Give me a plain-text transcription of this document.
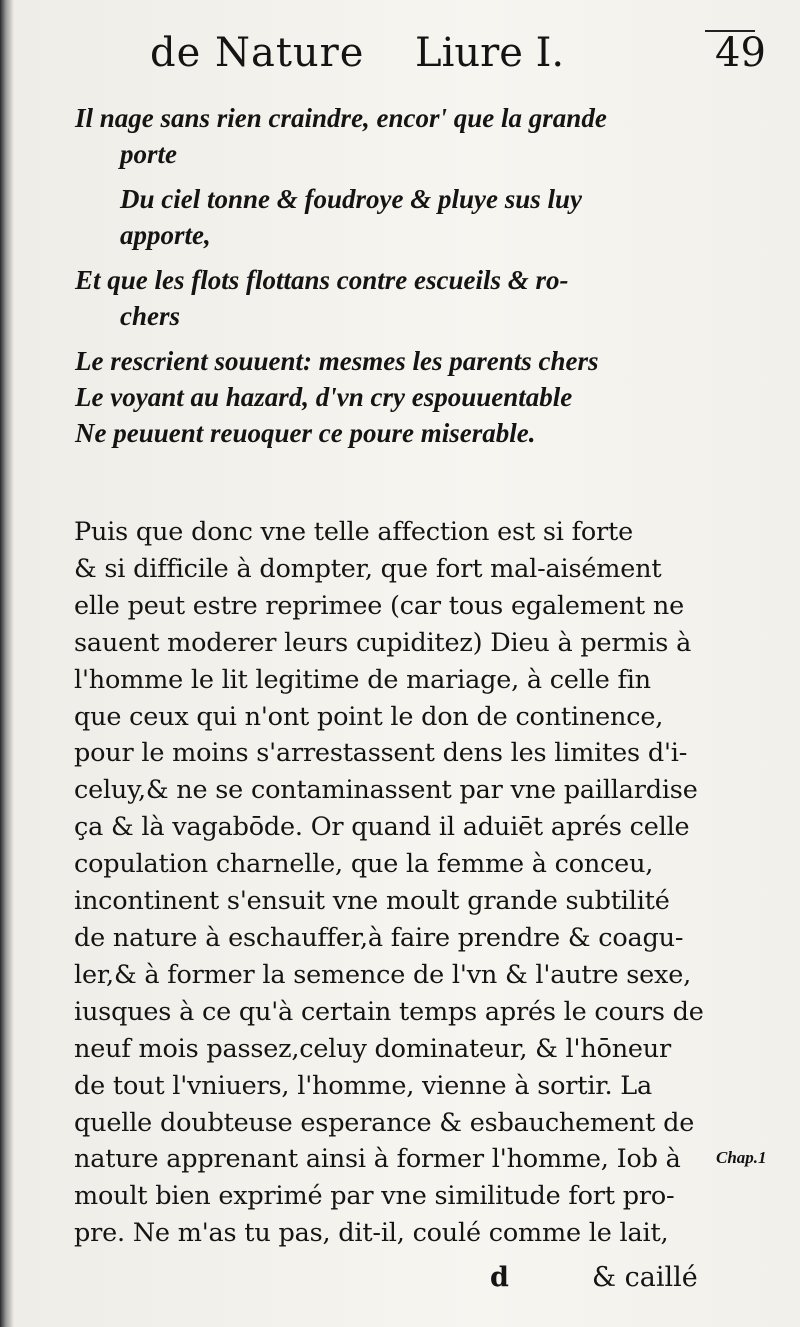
de Nature Liure I.	49

Il nage sans rien craindre, encor' que la grande

porte

Du ciel tonne & foudroye & pluye sus luy

apporte,

Et que les flots flottans contre escueils & ro-

chers

Le rescrient souuent: mesmes les parents chers

Le voyant au hazard, d'vn cry espouuentable

Ne peuuent reuoquer ce poure miserable.

Puis que donc vne telle affection est si forte

& si difficile à dompter, que fort mal-aisément

elle peut estre reprimee (car tous egalement ne

sauent moderer leurs cupiditez) Dieu à permis à

l'homme le lit legitime de mariage, à celle fin

que ceux qui n'ont point le don de continence,

pour le moins s'arrestassent dens les limites d'i-

celuy,& ne se contaminassent par vne paillardise

ça & là vagabōde. Or quand il aduiēt aprés celle

copulation charnelle, que la femme à conceu,

incontinent s'ensuit vne moult grande subtilité

de nature à eschauffer,à faire prendre & coagu-

ler,& à former la semence de l'vn & l'autre sexe,

iusques à ce qu'à certain temps aprés le cours de

neuf mois passez,celuy dominateur, & l'hōneur

de tout l'vniuers, l'homme, vienne à sortir. La

quelle doubteuse esperance & esbauchement de

nature apprenant ainsi à former l'homme, Iob à

moult bien exprimé par vne similitude fort pro-

pre. Ne m'as tu pas, dit-il, coulé comme le lait,

Chap.1
d	& caillé
